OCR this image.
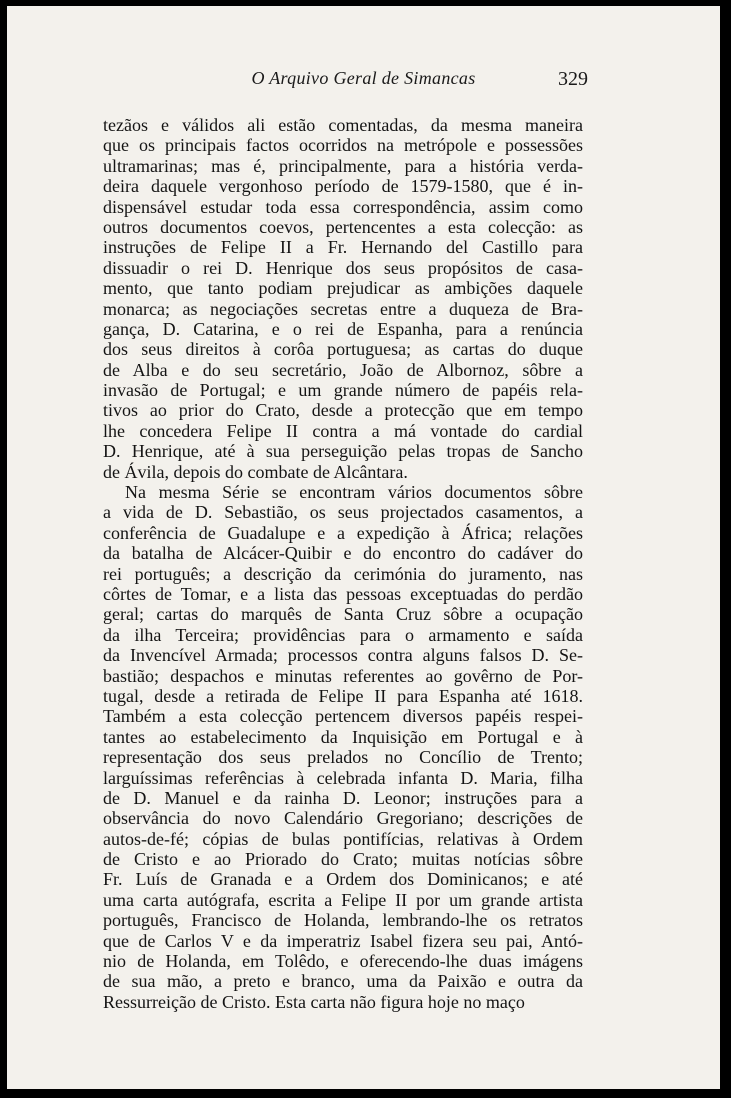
O Arquivo Geral de Simancas	329
tezãos e válidos ali estão comentadas, da mesma maneira
que os principais factos ocorridos na metrópole e possessões
ultramarinas; mas é, principalmente, para a história verda-
deira daquele vergonhoso período de 1579-1580, que é in-
dispensável estudar toda essa correspondência, assim como
outros documentos coevos, pertencentes a esta colecção: as
instruções de Felipe II a Fr. Hernando del Castillo para
dissuadir o rei D. Henrique dos seus propósitos de casa-
mento, que tanto podiam prejudicar as ambições daquele
monarca; as negociações secretas entre a duqueza de Bra-
gança, D. Catarina, e o rei de Espanha, para a renúncia
dos seus direitos à corôa portuguesa; as cartas do duque
de Alba e do seu secretário, João de Albornoz, sôbre a
invasão de Portugal; e um grande número de papéis rela-
tivos ao prior do Crato, desde a protecção que em tempo
lhe concedera Felipe II contra a má vontade do cardial
D. Henrique, até à sua perseguição pelas tropas de Sancho
de Ávila, depois do combate de Alcântara.
Na mesma Série se encontram vários documentos sôbre
a vida de D. Sebastião, os seus projectados casamentos, a
conferência de Guadalupe e a expedição à África; relações
da batalha de Alcácer-Quibir e do encontro do cadáver do
rei português; a descrição da cerimónia do juramento, nas
côrtes de Tomar, e a lista das pessoas exceptuadas do perdão
geral; cartas do marquês de Santa Cruz sôbre a ocupação
da ilha Terceira; providências para o armamento e saída
da Invencível Armada; processos contra alguns falsos D. Se-
bastião; despachos e minutas referentes ao govêrno de Por-
tugal, desde a retirada de Felipe II para Espanha até 1618.
Também a esta colecção pertencem diversos papéis respei-
tantes ao estabelecimento da Inquisição em Portugal e à
representação dos seus prelados no Concílio de Trento;
larguíssimas referências à celebrada infanta D. Maria, filha
de D. Manuel e da rainha D. Leonor; instruções para a
observância do novo Calendário Gregoriano; descrições de
autos-de-fé; cópias de bulas pontifícias, relativas à Ordem
de Cristo e ao Priorado do Crato; muitas notícias sôbre
Fr. Luís de Granada e a Ordem dos Dominicanos; e até
uma carta autógrafa, escrita a Felipe II por um grande artista
português, Francisco de Holanda, lembrando-lhe os retratos
que de Carlos V e da imperatriz Isabel fizera seu pai, Antó-
nio de Holanda, em Tolêdo, e oferecendo-lhe duas imágens
de sua mão, a preto e branco, uma da Paixão e outra da
Ressurreição de Cristo. Esta carta não figura hoje no maço
